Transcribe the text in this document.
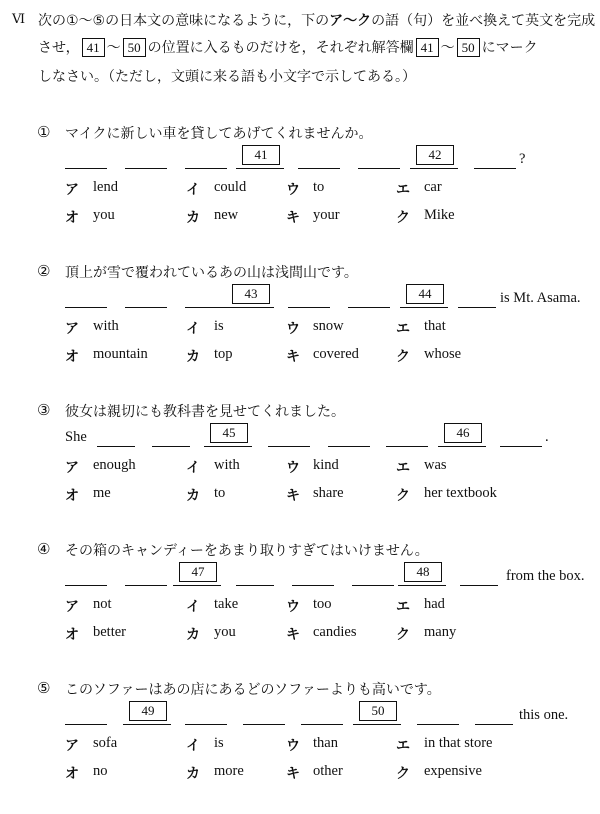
Ⅵ 次の①～⑤の日本文の意味になるように，下のア〜クの語（句）を並べ換えて英文を完成
させ， 41 ～ 50 の位置に入るものだけを，それぞれ解答欄 41 ～ 50 にマーク
しなさい。（ただし，文頭に来る語も小文字で示してある。）
① マイクに新しい車を貸してあげてくれませんか。
41	42	?
ア lend	イ could	ウ to	エ car
オ you	カ new	キ your	ク Mike
② 頂上が雪で覆われているあの山は浅間山です。
43	44	is Mt. Asama.
ア with	イ is	ウ snow	エ that
オ mountain	カ top	キ covered	ク whose
③ 彼女は親切にも教科書を見せてくれました。
She	45	46	.
ア enough	イ with	ウ kind	エ was
オ me	カ to	キ share	ク her textbook
④ その箱のキャンディーをあまり取りすぎてはいけません。
47	48	from the box.
ア not	イ take	ウ too	エ had
オ better	カ you	キ candies	ク many
⑤ このソファーはあの店にあるどのソファーよりも高いです。
49	50	this one.
ア sofa	イ is	ウ than	エ in that store
オ no	カ more	キ other	ク expensive
